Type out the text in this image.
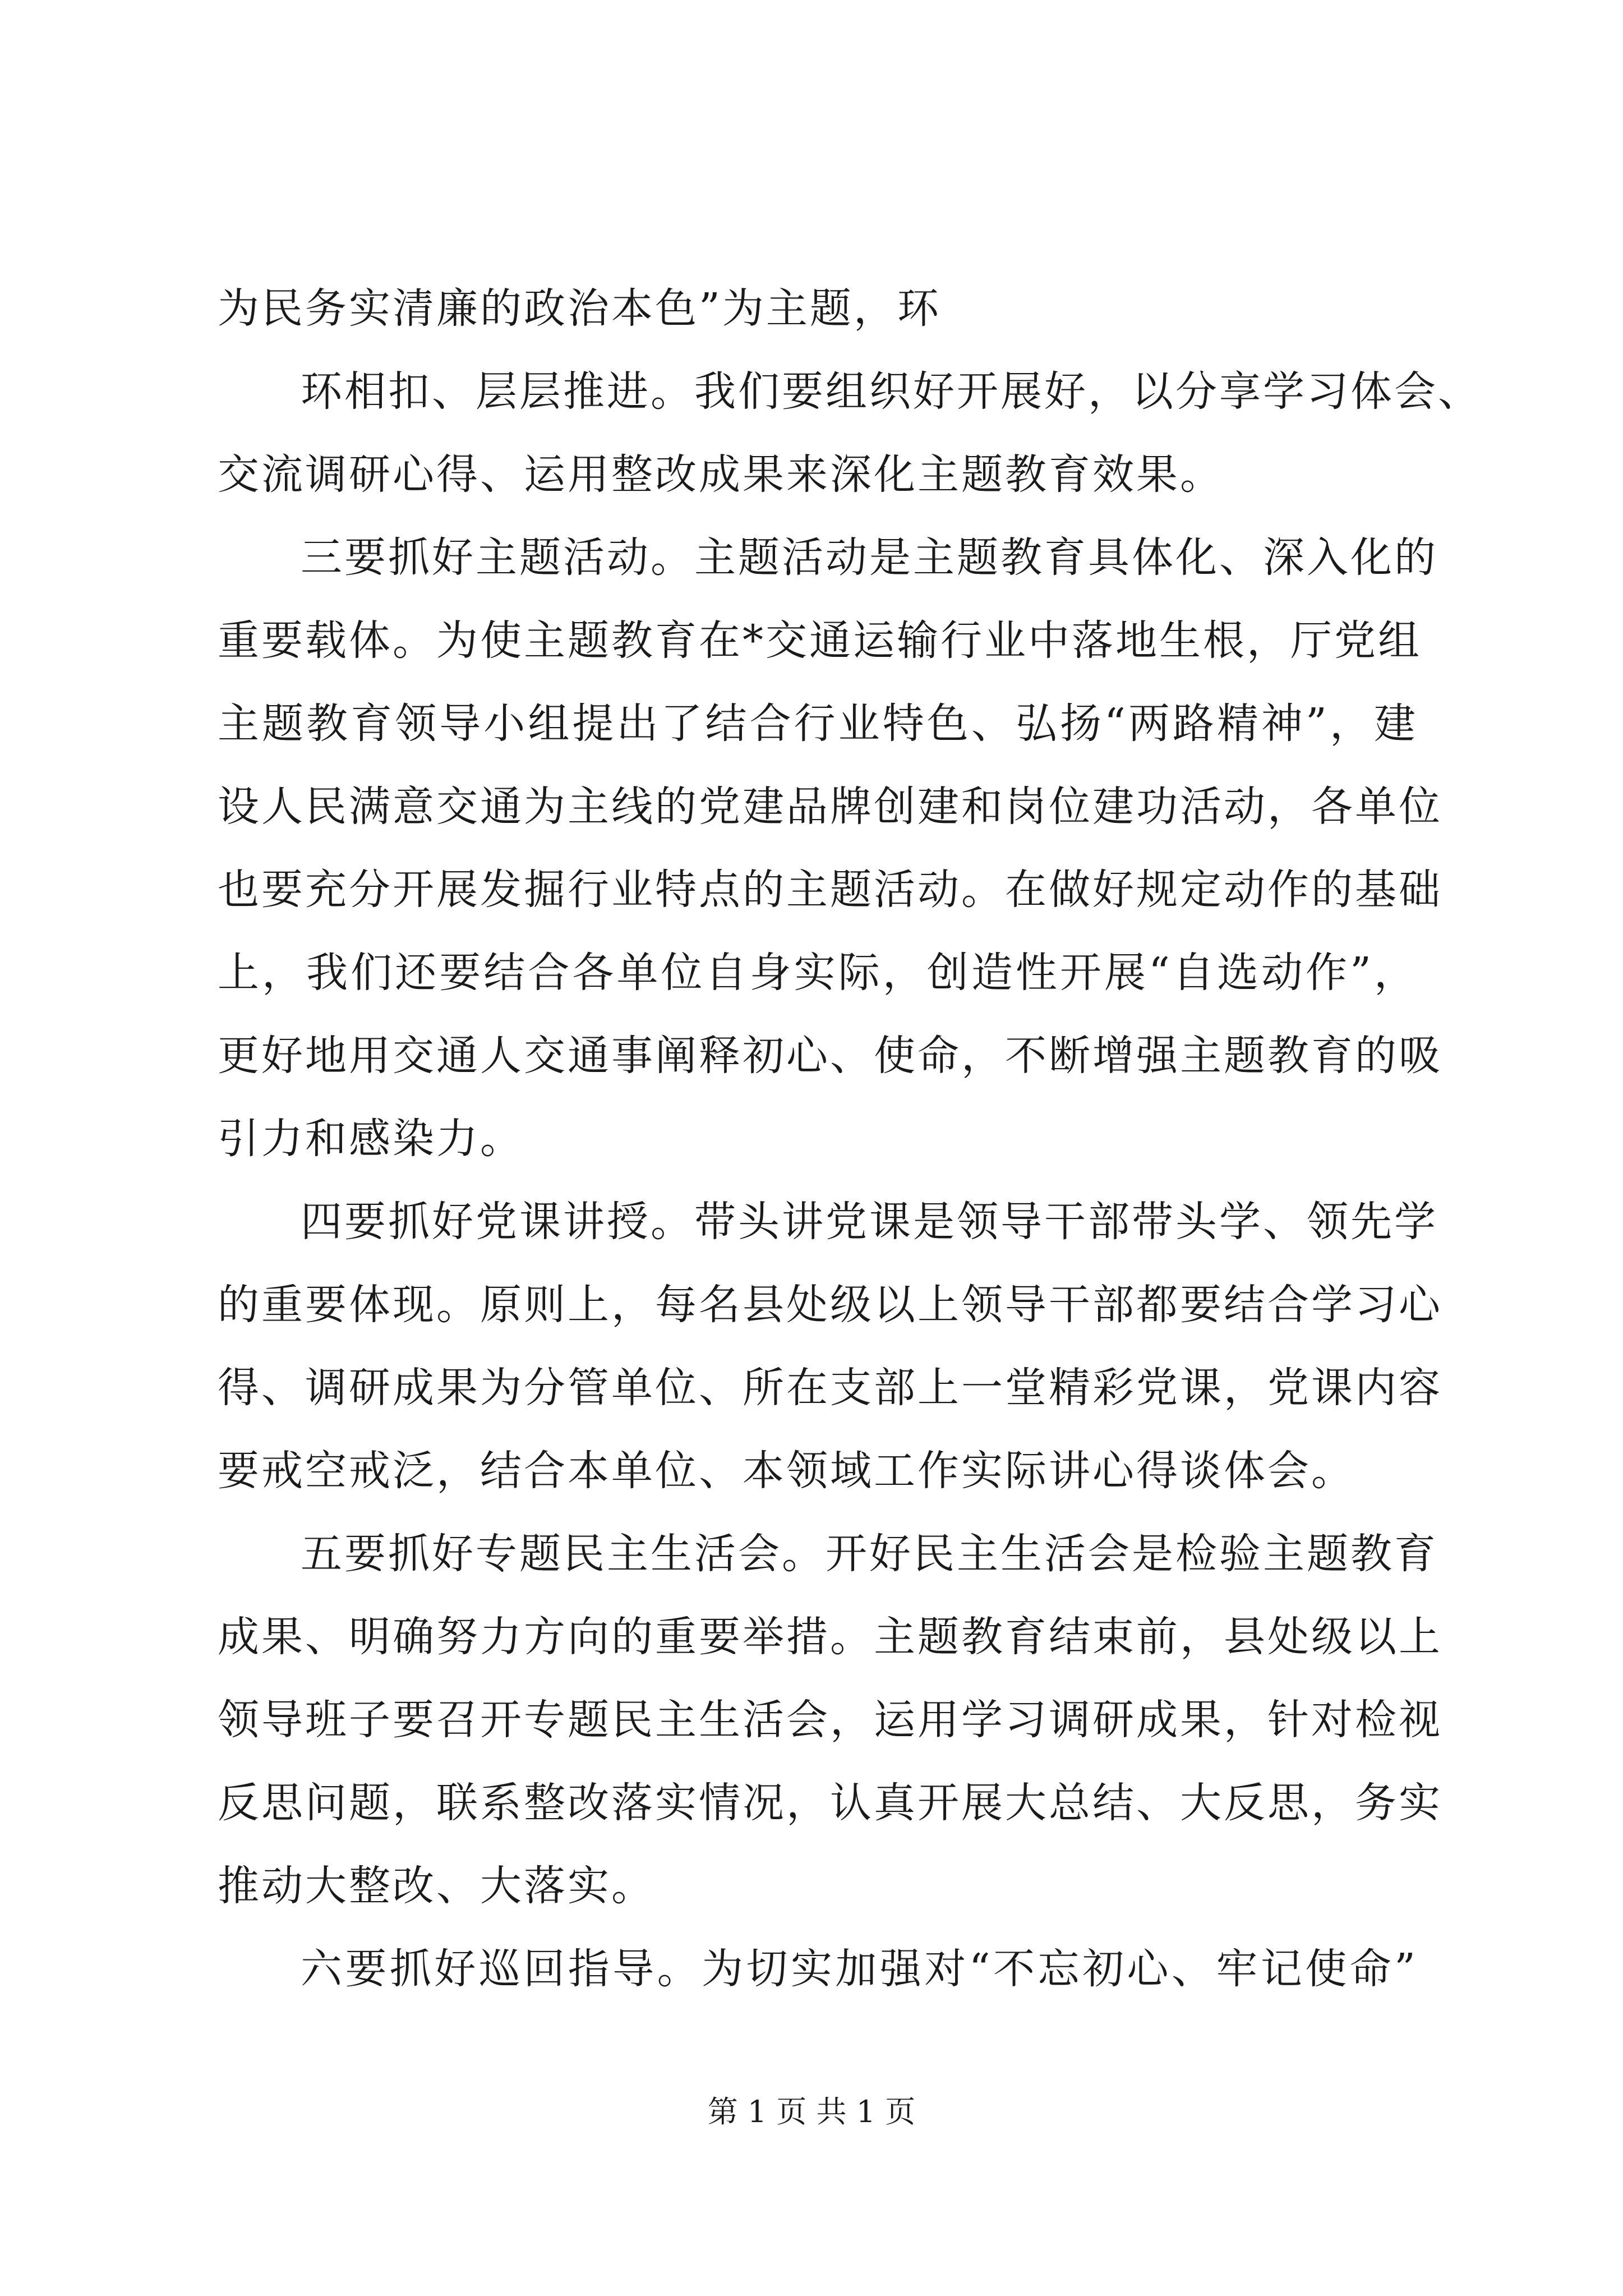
为民务实清廉的政治本色”为主题，环
环相扣、层层推进。我们要组织好开展好，以分享学习体会、
交流调研心得、运用整改成果来深化主题教育效果。
三要抓好主题活动。主题活动是主题教育具体化、深入化的
重要载体。为使主题教育在*交通运输行业中落地生根，厅党组
主题教育领导小组提出了结合行业特色、弘扬“两路精神”，建
设人民满意交通为主线的党建品牌创建和岗位建功活动，各单位
也要充分开展发掘行业特点的主题活动。在做好规定动作的基础
上，我们还要结合各单位自身实际，创造性开展“自选动作”，
更好地用交通人交通事阐释初心、使命，不断增强主题教育的吸
引力和感染力。
四要抓好党课讲授。带头讲党课是领导干部带头学、领先学
的重要体现。原则上，每名县处级以上领导干部都要结合学习心
得、调研成果为分管单位、所在支部上一堂精彩党课，党课内容
要戒空戒泛，结合本单位、本领域工作实际讲心得谈体会。
五要抓好专题民主生活会。开好民主生活会是检验主题教育
成果、明确努力方向的重要举措。主题教育结束前，县处级以上
领导班子要召开专题民主生活会，运用学习调研成果，针对检视
反思问题，联系整改落实情况，认真开展大总结、大反思，务实
推动大整改、大落实。
六要抓好巡回指导。为切实加强对“不忘初心、牢记使命”
第 1 页 共 1 页
